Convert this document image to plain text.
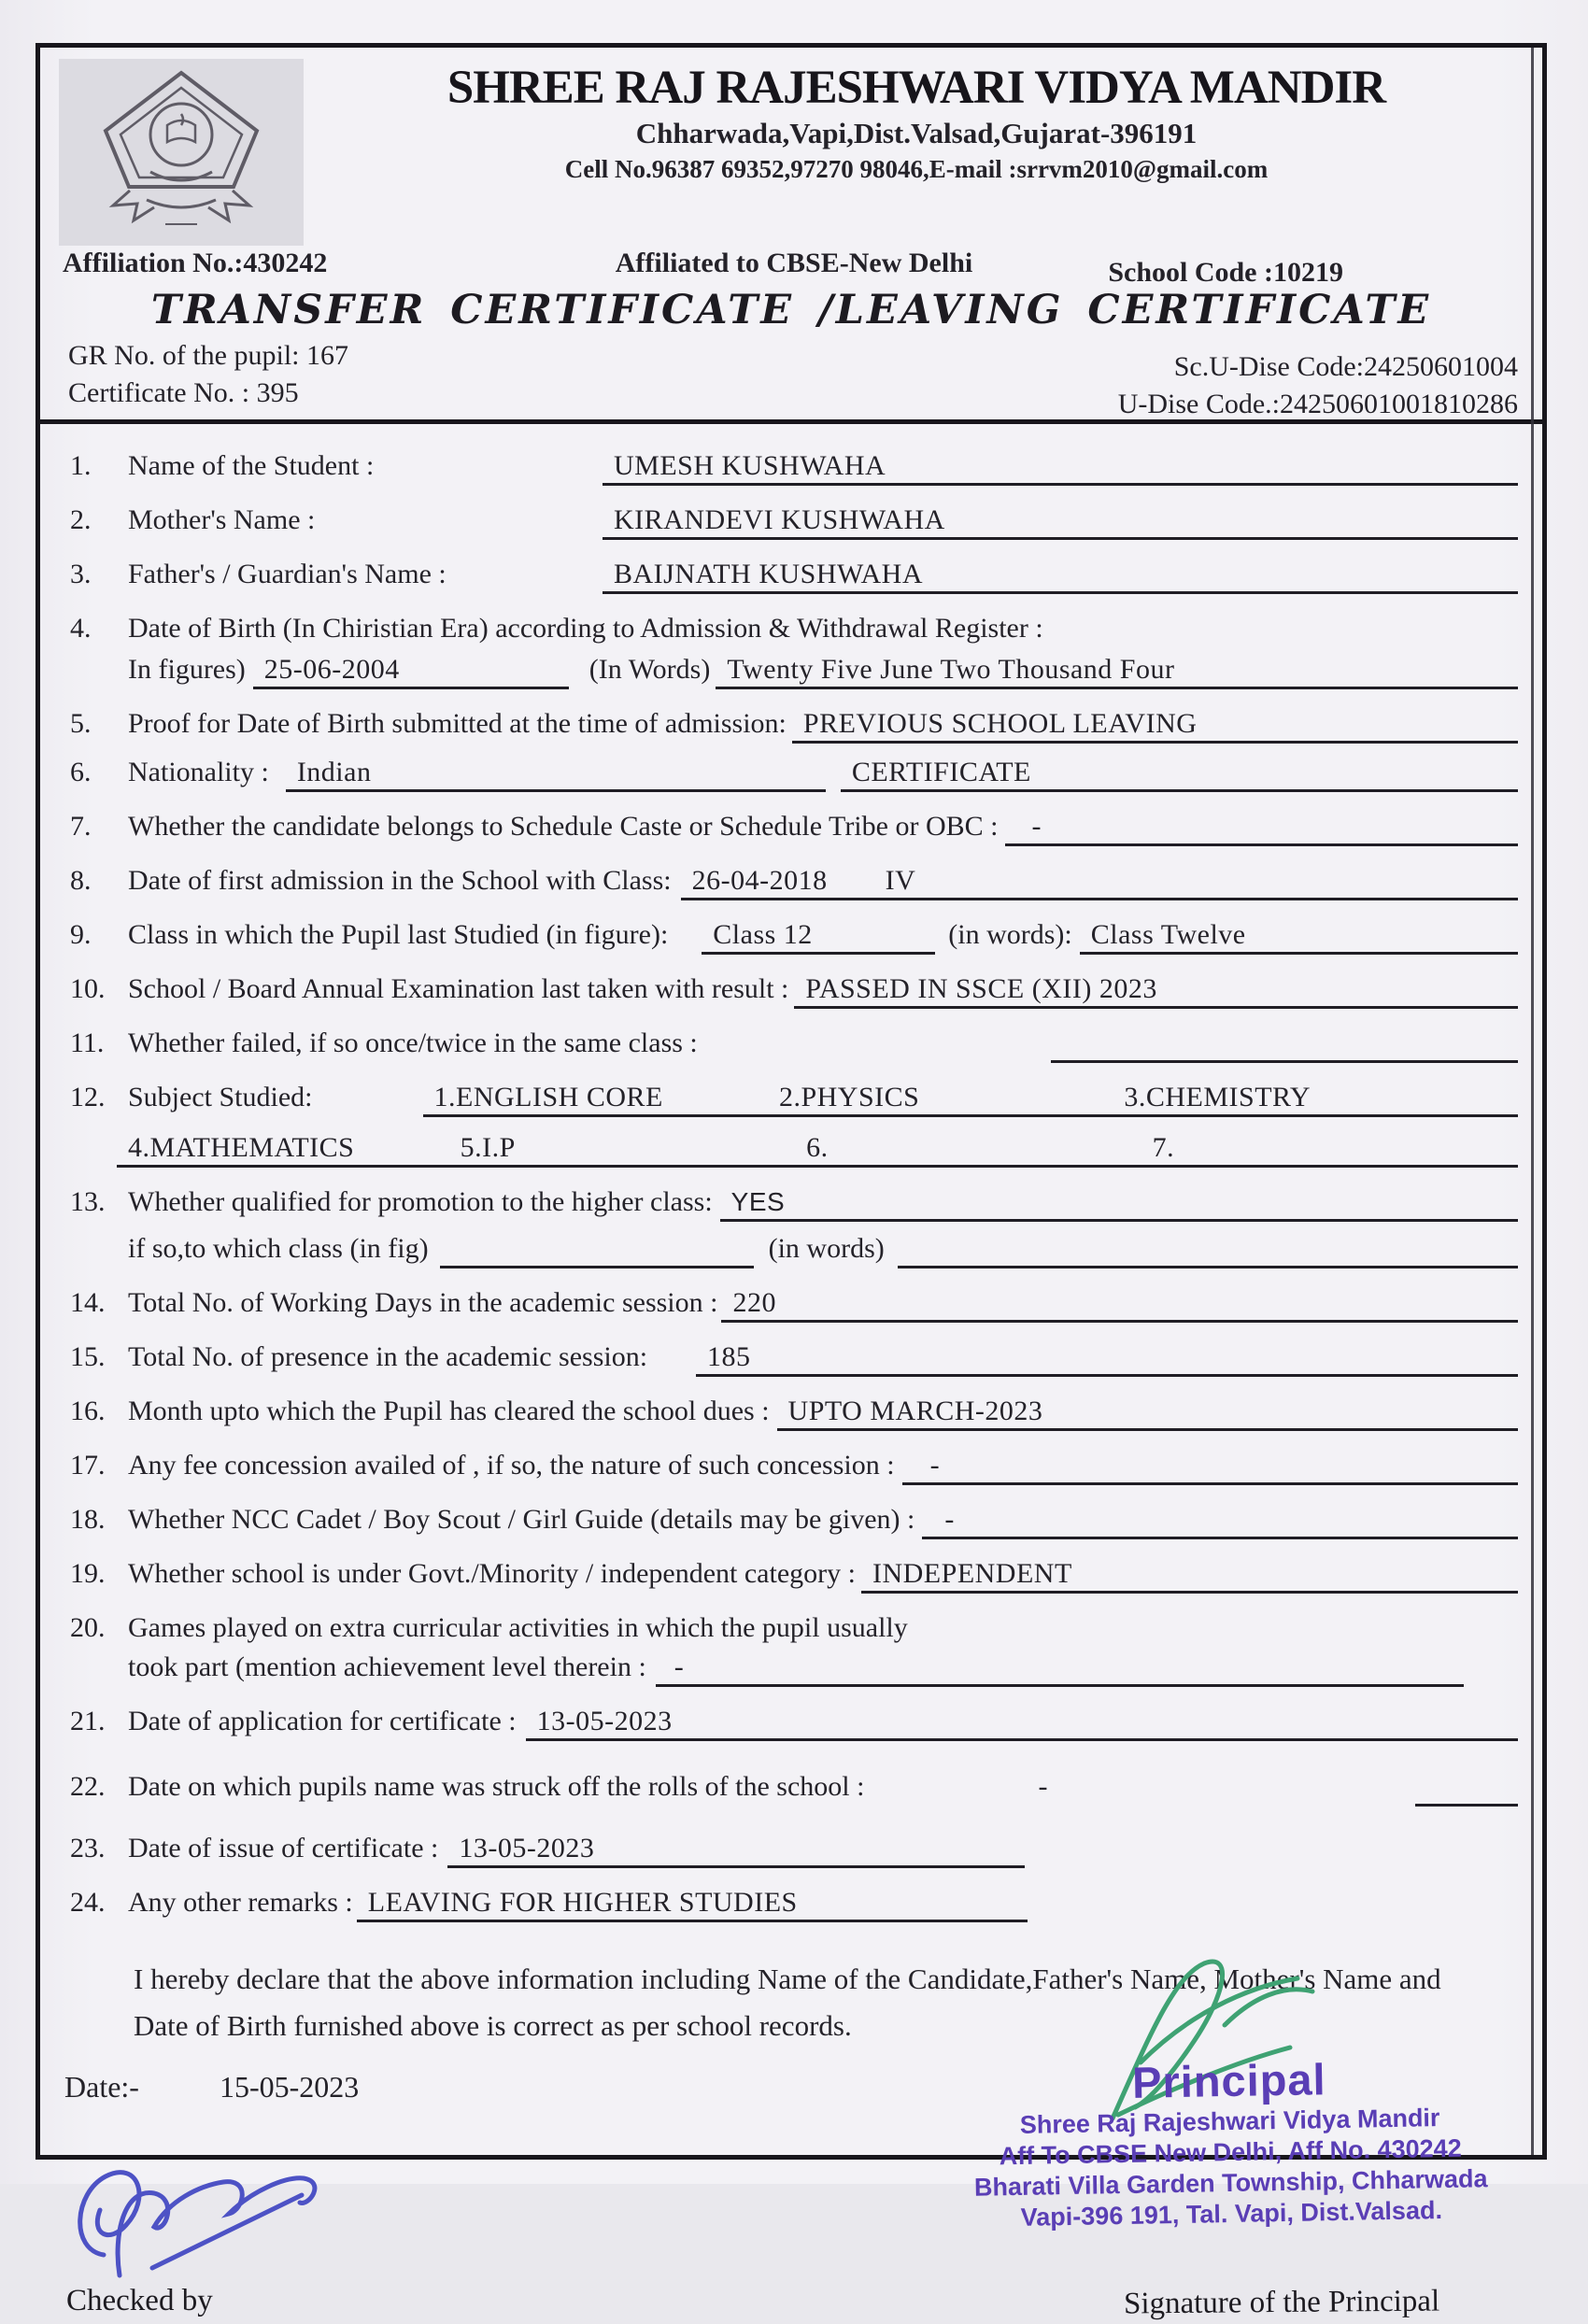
SHREE RAJ RAJESHWARI VIDYA MANDIR
Chharwada,Vapi,Dist.Valsad,Gujarat-396191
Cell No.96387 69352,97270 98046,E-mail :srrvm2010@gmail.com
Affiliation No.:430242	Affiliated to CBSE-New Delhi	School Code :10219
TRANSFER CERTIFICATE /LEAVING CERTIFICATE
GR No. of the pupil: 167
Certificate No. : 395
Sc.U-Dise Code:24250601004
U-Dise Code.:24250601001810286
1.	Name of the Student :	UMESH KUSHWAHA
2.	Mother's Name :	KIRANDEVI KUSHWAHA
3.	Father's / Guardian's Name :	BAIJNATH KUSHWAHA
4.	Date of Birth (In Chiristian Era) according to Admission & Withdrawal Register :
In figures) 25-06-2004	(In Words) Twenty Five June Two Thousand Four
5.	Proof for Date of Birth submitted at the time of admission: PREVIOUS SCHOOL LEAVING
6.	Nationality :	Indian	CERTIFICATE
7.	Whether the candidate belongs to Schedule Caste or Schedule Tribe or OBC :	-
8.	Date of first admission in the School with Class: 26-04-2018 IV
9.	Class in which the Pupil last Studied (in figure):	Class 12	(in words): Class Twelve
10. School / Board Annual Examination last taken with result : PASSED IN SSCE (XII) 2023
11. Whether failed, if so once/twice in the same class :

12. Subject Studied:	1.ENGLISH CORE	2.PHYSICS	3.CHEMISTRY
4.MATHEMATICS	5.I.P	6.	7.
13. Whether qualified for promotion to the higher class: YES
if so,to which class (in fig)
	(in words)

14. Total No. of Working Days in the academic session : 220
15. Total No. of presence in the academic session:	185
16. Month upto which the Pupil has cleared the school dues : UPTO MARCH-2023
17. Any fee concession availed of , if so, the nature of such concession :	-
18. Whether NCC Cadet / Boy Scout / Girl Guide (details may be given) :	-
19. Whether school is under Govt./Minority / independent category : INDEPENDENT
20. Games played on extra curricular activities in which the pupil usually
took part (mention achievement level therein :	-
21. Date of application for certificate : 13-05-2023
22. Date on which pupils name was struck off the rolls of the school :	-

23. Date of issue of certificate : 13-05-2023
24. Any other remarks : LEAVING FOR HIGHER STUDIES
I hereby declare that the above information including Name of the Candidate,Father's Name, Mother's Name and Date of Birth furnished above is correct as per school records.
Date:-	15-05-2023
Checked by
Principal
Shree Raj Rajeshwari Vidya Mandir
Aff To CBSE New Delhi, Aff No. 430242
Bharati Villa Garden Township, Chharwada
Vapi-396 191, Tal. Vapi, Dist.Valsad.
Signature of the Principal
